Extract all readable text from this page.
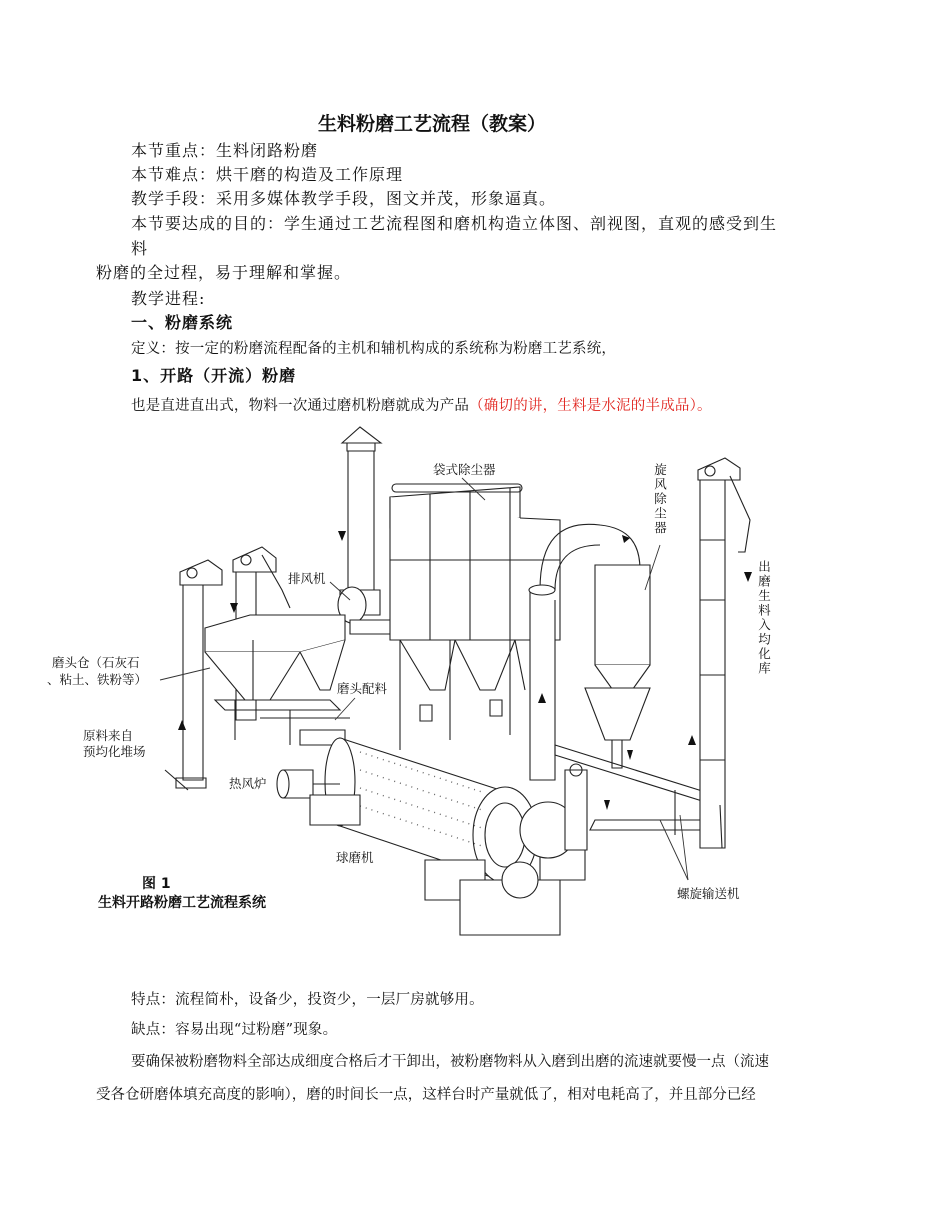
生料粉磨工艺流程（教案）
本节重点：生料闭路粉磨
本节难点：烘干磨的构造及工作原理
教学手段：采用多媒体教学手段，图文并茂，形象逼真。
本节要达成的目的：学生通过工艺流程图和磨机构造立体图、剖视图，直观的感受到生
料
粉磨的全过程，易于理解和掌握。
教学进程:
一、粉磨系统
定义：按一定的粉磨流程配备的主机和辅机构成的系统称为粉磨工艺系统，
1、开路（开流）粉磨
也是直进直出式，物料一次通过磨机粉磨就成为产品（确切的讲，生料是水泥的半成品）。
袋式除尘器	旋风除尘器
排风机	出磨生料入均化库
磨头仓（石灰石
、粘土、铁粉等）
磨头配料
原料来自
预均化堆场
热风炉
球磨机
螺旋输送机
图 1
生料开路粉磨工艺流程系统
特点：流程简朴，设备少，投资少，一层厂房就够用。
缺点：容易出现“过粉磨”现象。
要确保被粉磨物料全部达成细度合格后才干卸出，被粉磨物料从入磨到出磨的流速就要慢一点（流速
受各仓研磨体填充高度的影响），磨的时间长一点，这样台时产量就低了，相对电耗高了，并且部分已经
